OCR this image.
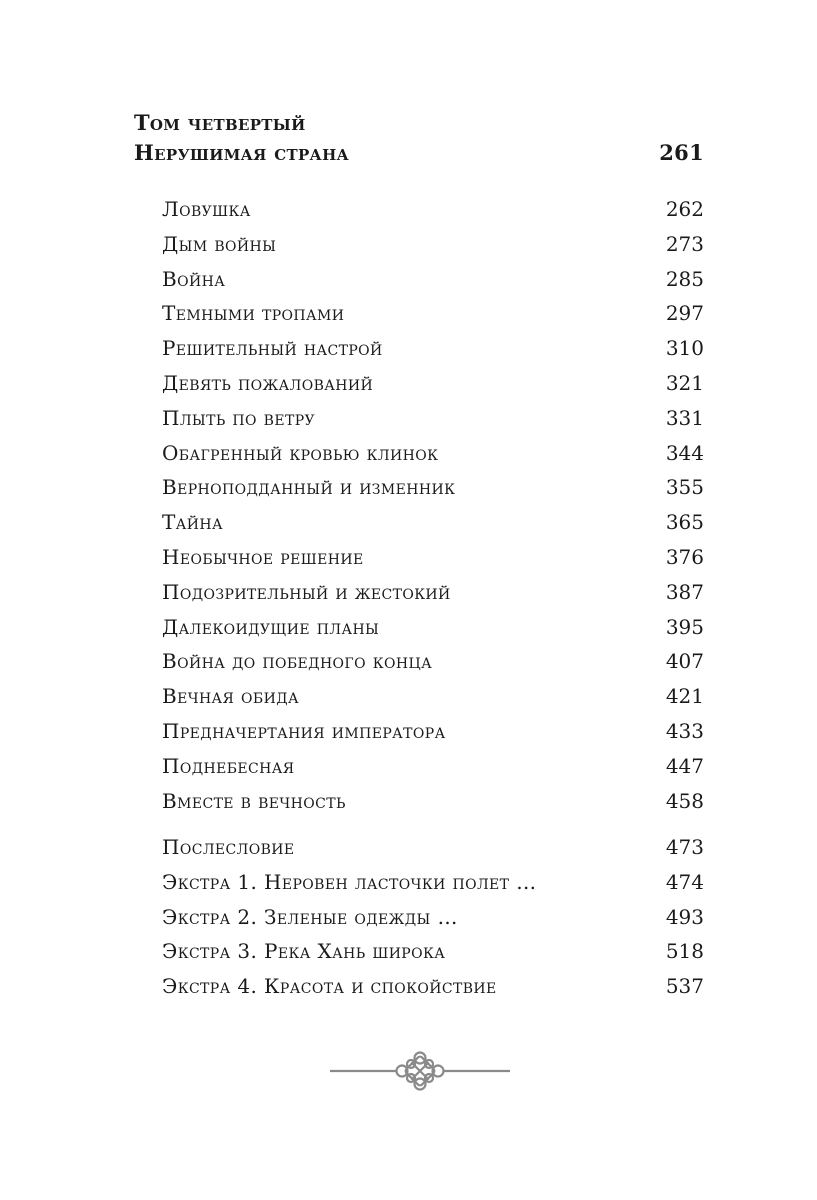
Том четвертый
Нерушимая страна	261
Ловушка	262
Дым войны	273
Война	285
Темными тропами	297
Решительный настрой	310
Девять пожалований	321
Плыть по ветру	331
Обагренный кровью клинок	344
Верноподданный и изменник	355
Тайна	365
Необычное решение	376
Подозрительный и жестокий	387
Далекоидущие планы	395
Война до победного конца	407
Вечная обида	421
Предначертания императора	433
Поднебесная	447
Вместе в вечность	458
Послесловие	473
Экстра 1. Неровен ласточки полет …	474
Экстра 2. Зеленые одежды …	493
Экстра 3. Река Хань широка	518
Экстра 4. Красота и спокойствие	537
